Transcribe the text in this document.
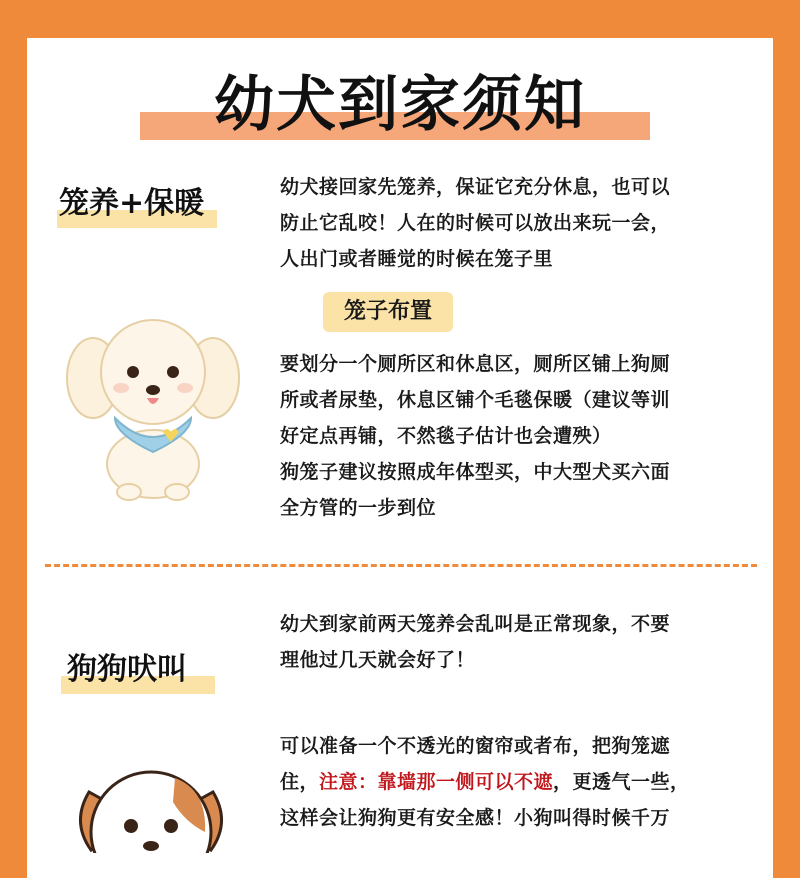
幼犬到家须知
笼养+保暖	幼犬接回家先笼养，保证它充分休息，也可以
防止它乱咬！人在的时候可以放出来玩一会，
人出门或者睡觉的时候在笼子里
笼子布置
要划分一个厕所区和休息区，厕所区铺上狗厕
所或者尿垫，休息区铺个毛毯保暖（建议等训
好定点再铺，不然毯子估计也会遭殃）
狗笼子建议按照成年体型买，中大型犬买六面
全方管的一步到位
狗狗吠叫
幼犬到家前两天笼养会乱叫是正常现象，不要
理他过几天就会好了！
可以准备一个不透光的窗帘或者布，把狗笼遮
住，注意：靠墙那一侧可以不遮，更透气一些，
这样会让狗狗更有安全感！小狗叫得时候千万
